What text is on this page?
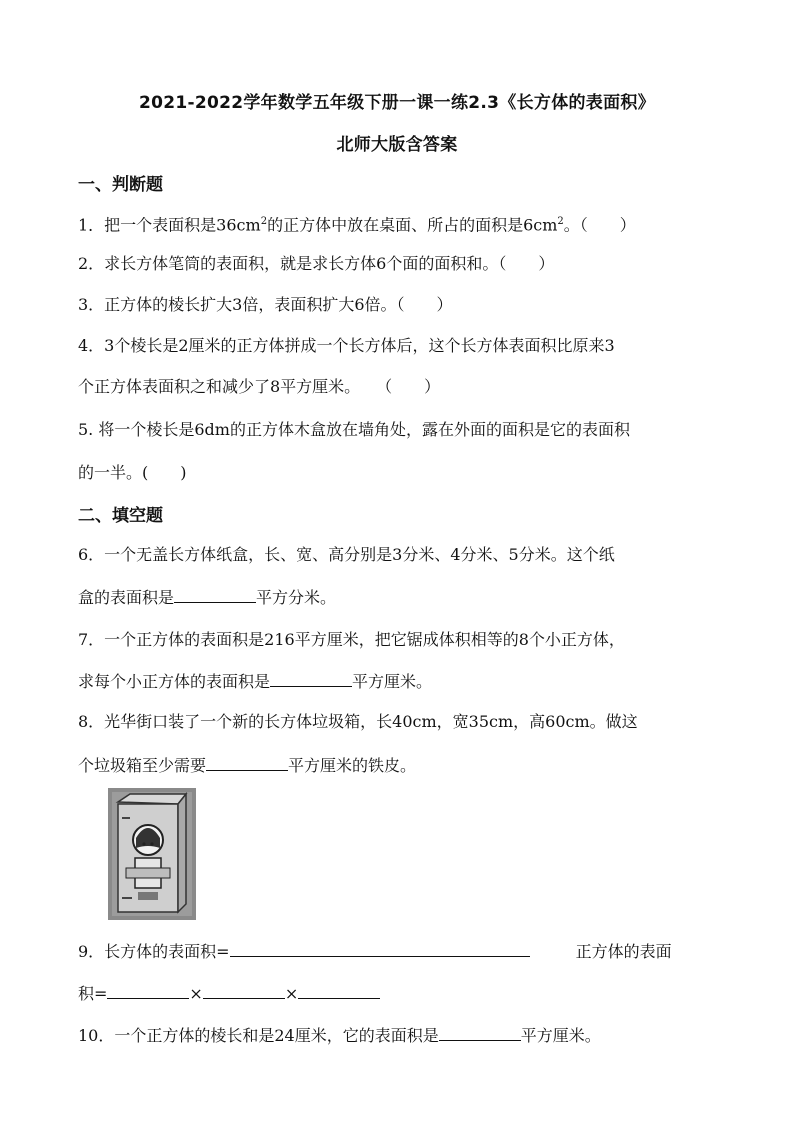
2021-2022学年数学五年级下册一课一练2.3《长方体的表面积》
北师大版含答案
一、判断题
1．把一个表面积是$36cm^2$的正方体中放在桌面、所占的面积是$6cm^2$。（　　）
2．求长方体笔筒的表面积，就是求长方体6个面的面积和。（　　）
3．正方体的棱长扩大3倍，表面积扩大6倍。（　　）
4．3个棱长是2厘米的正方体拼成一个长方体后，这个长方体表面积比原来3
个正方体表面积之和减少了8平方厘米。　　（　　）
5. 将一个棱长是6dm的正方体木盒放在墙角处，露在外面的面积是它的表面积
的一半。(　　)
二、填空题
6．一个无盖长方体纸盒，长、宽、高分别是3分米、4分米、5分米。这个纸
盒的表面积是	平方分米。
7．一个正方体的表面积是216平方厘米，把它锯成体积相等的8个小正方体，
求每个小正方体的表面积是	平方厘米。
8．光华街口装了一个新的长方体垃圾箱，长40cm，宽35cm，高60cm。做这
个垃圾箱至少需要	平方厘米的铁皮。
9．长方体的表面积=	正方体的表面
积=	×	×
10．一个正方体的棱长和是24厘米，它的表面积是	平方厘米。
